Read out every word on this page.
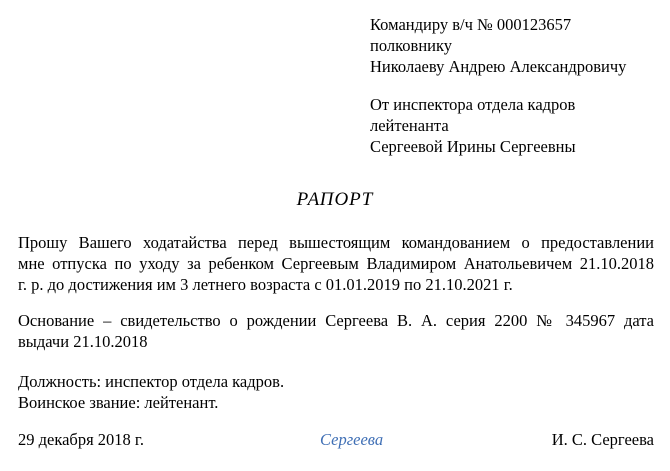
Командиру в/ч № 000123657
полковнику
Николаеву Андрею Александровичу
От инспектора отдела кадров
лейтенанта
Сергеевой Ирины Сергеевны
РАПОРТ
Прошу Вашего ходатайства перед вышестоящим командованием о предоставлении
мне отпуска по уходу за ребенком Сергеевым Владимиром Анатольевичем 21.10.2018
г. р. до достижения им 3 летнего возраста с 01.01.2019 по 21.10.2021 г.
Основание – свидетельство о рождении Сергеева В. А. серия 2200 № 345967 дата
выдачи 21.10.2018
Должность: инспектор отдела кадров.
Воинское звание: лейтенант.
29 декабря 2018 г.	Сергеева	И. С. Сергеева
